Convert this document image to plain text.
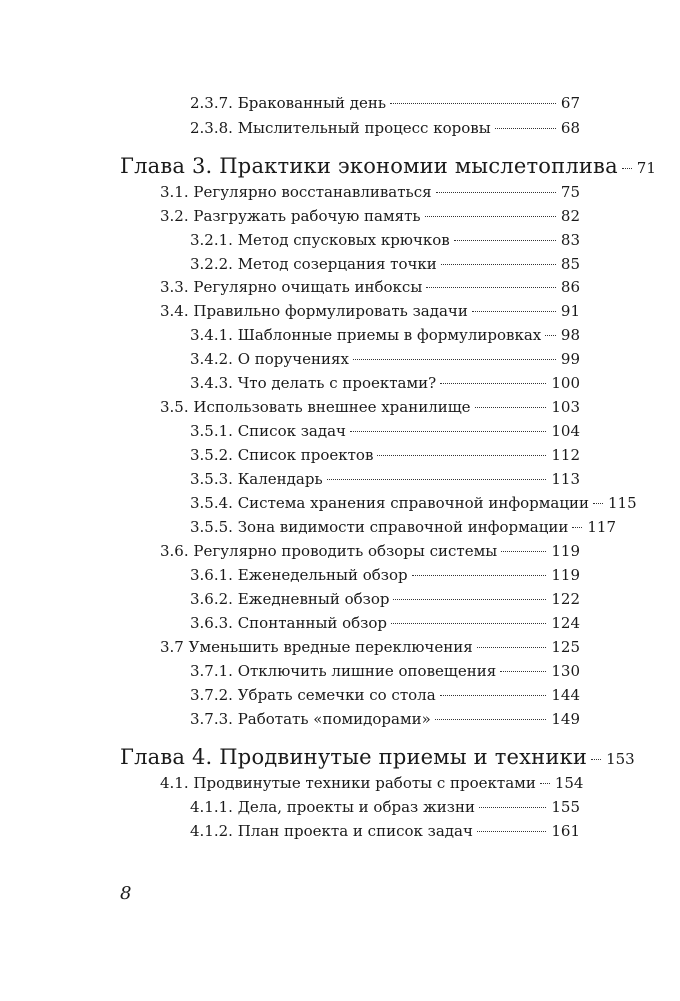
2.3.7. Бракованный день	67
2.3.8. Мыслительный процесс коровы	68
Глава 3. Практики экономии мыслетоплива	71
3.1. Регулярно восстанавливаться	75
3.2. Разгружать рабочую память	82
3.2.1. Метод спусковых крючков	83
3.2.2. Метод созерцания точки	85
3.3. Регулярно очищать инбоксы	86
3.4. Правильно формулировать задачи	91
3.4.1. Шаблонные приемы в формулировках	98
3.4.2. О поручениях	99
3.4.3. Что делать с проектами?	100
3.5. Использовать внешнее хранилище	103
3.5.1. Список задач	104
3.5.2. Список проектов	112
3.5.3. Календарь	113
3.5.4. Система хранения справочной информации	115
3.5.5. Зона видимости справочной информации	117
3.6. Регулярно проводить обзоры системы	119
3.6.1. Еженедельный обзор	119
3.6.2. Ежедневный обзор	122
3.6.3. Спонтанный обзор	124
3.7 Уменьшить вредные переключения	125
3.7.1. Отключить лишние оповещения	130
3.7.2. Убрать семечки со стола	144
3.7.3. Работать «помидорами»	149
Глава 4. Продвинутые приемы и техники	153
4.1. Продвинутые техники работы с проектами	154
4.1.1. Дела, проекты и образ жизни	155
4.1.2. План проекта и список задач	161
8
